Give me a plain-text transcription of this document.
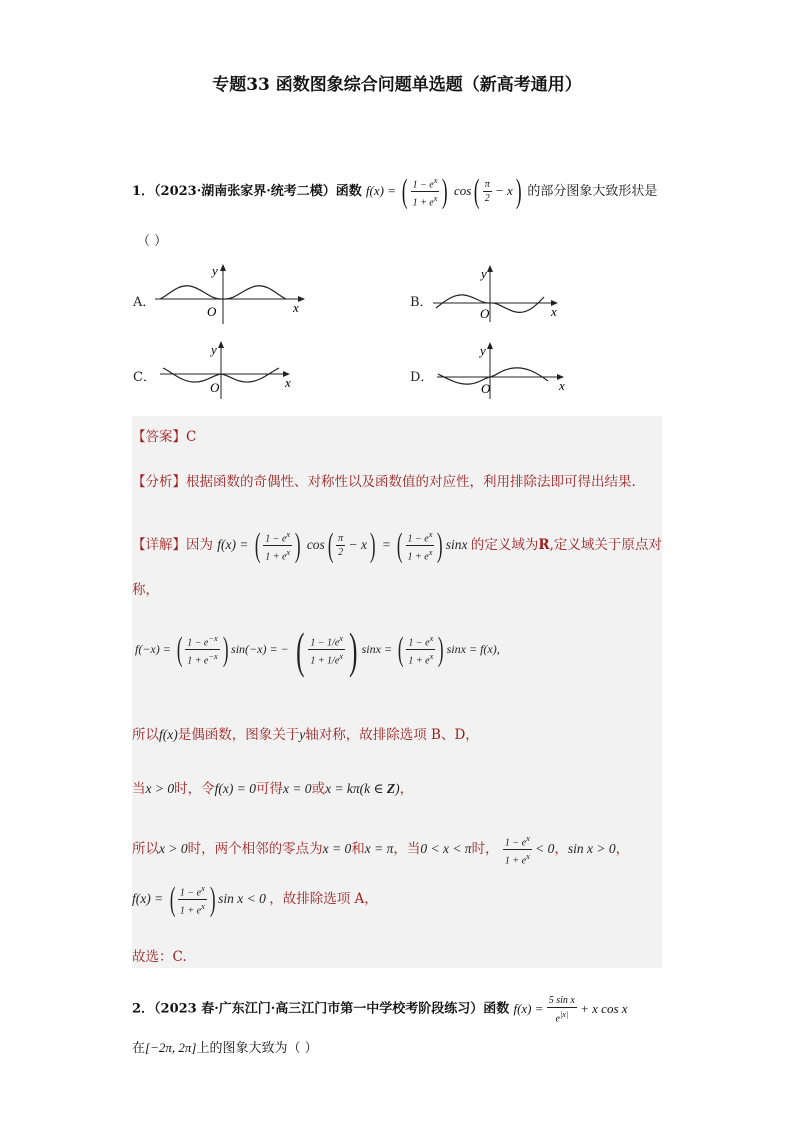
专题33 函数图象综合问题单选题（新高考通用）
1．（2023·湖南张家界·统考二模）函数 f(x) = ( $\frac{1 - e^x}{1 + e^x}$ ) $\cos( \frac{\pi}{2} - x)$ 的部分图象大致形状是
（ ）
A．
y
x
O
B．
y
x
O
C．
y
x
O
D．
y
x
O
【答案】C
【分析】根据函数的奇偶性、对称性以及函数值的对应性，利用排除法即可得出结果.
【详解】因为 f(x) = ( $\frac{1 - e^x}{1 + e^x}$ ) $\cos( \frac{\pi}{2} - x)$ = ( $\frac{1 - e^x}{1 + e^x}$ ) sinx 的定义域为R,定义域关于原点对
称，
f(−x) = ( $\frac{1 - e^{-x}}{1 + e^{-x}}$ ) sin(−x) = − ( $\frac{1 - 1/e^x}{1 + 1/e^x}$ ) sinx = ( $\frac{1 - e^x}{1 + e^x}$ ) sinx = f(x),
所以f(x)是偶函数，图象关于y轴对称，故排除选项 B、D，
当x > 0时，令f(x) = 0可得x = 0或x = kπ(k ∈ Z)，
所以x > 0时，两个相邻的零点为x = 0和x = π，当0 < x < π时， $\frac{1 - e^x}{1 + e^x} < 0$，sin x > 0，
f(x) = ( $\frac{1 - e^x}{1 + e^x}$ ) sin x < 0 ，故排除选项 A，
故选：C.
2．（2023 春·广东江门·高三江门市第一中学校考阶段练习）函数 $f(x) = \frac{\text{5 sin x}}{e^{|x|}} + x$ cos x
在[−2π, 2π]上的图象大致为（ ）
